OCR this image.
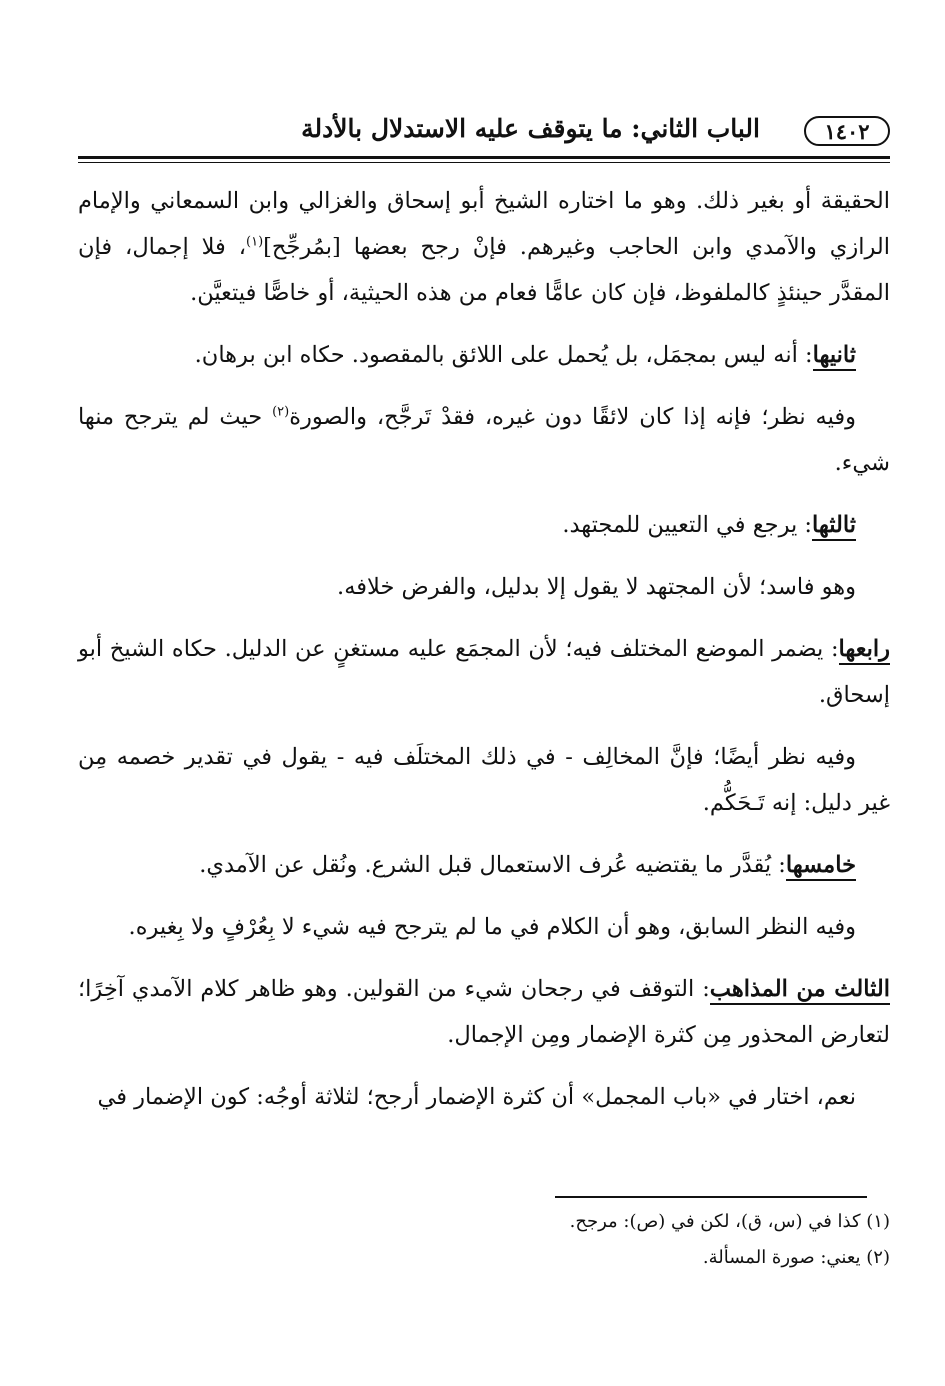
١٤٠٢
الباب الثاني: ما يتوقف عليه الاستدلال بالأدلة

الحقيقة أو بغير ذلك. وهو ما اختاره الشيخ أبو إسحاق والغزالي وابن السمعاني والإمام الرازي والآمدي وابن الحاجب وغيرهم. فإنْ رجح بعضها [بمُرجِّح]$^{(١)}$، فلا إجمال، فإن المقدَّر حينئذٍ كالملفوظ، فإن كان عامًّا فعام من هذه الحيثية، أو خاصًّا فيتعيَّن.

ثانيها: أنه ليس بمجمَل، بل يُحمل على اللائق بالمقصود. حكاه ابن برهان.

وفيه نظر؛ فإنه إذا كان لائقًا دون غيره، فقدْ تَرجَّح، والصورة$^{(٢)}$ حيث لم يترجح منها شيء.

ثالثها: يرجع في التعيين للمجتهد.

وهو فاسد؛ لأن المجتهد لا يقول إلا بدليل، والفرض خلافه.

رابعها: يضمر الموضع المختلف فيه؛ لأن المجمَع عليه مستغنٍ عن الدليل. حكاه الشيخ أبو إسحاق.

وفيه نظر أيضًا؛ فإنَّ المخالِف - في ذلك المختلَف فيه - يقول في تقدير خصمه مِن غير دليل: إنه تَـحَكُّم.

خامسها: يُقدَّر ما يقتضيه عُرف الاستعمال قبل الشرع. ونُقل عن الآمدي.

وفيه النظر السابق، وهو أن الكلام في ما لم يترجح فيه شيء لا بِعُرْفٍ ولا بِغيره.

الثالث من المذاهب: التوقف في رجحان شيء من القولين. وهو ظاهر كلام الآمدي آخِرًا؛ لتعارض المحذور مِن كثرة الإضمار ومِن الإجمال.

نعم، اختار في «باب المجمل» أن كثرة الإضمار أرجح؛ لثلاثة أوجُه: كون الإضمار في

(١) كذا في (س، ق)، لكن في (ص): مرجح.
(٢) يعني: صورة المسألة.
